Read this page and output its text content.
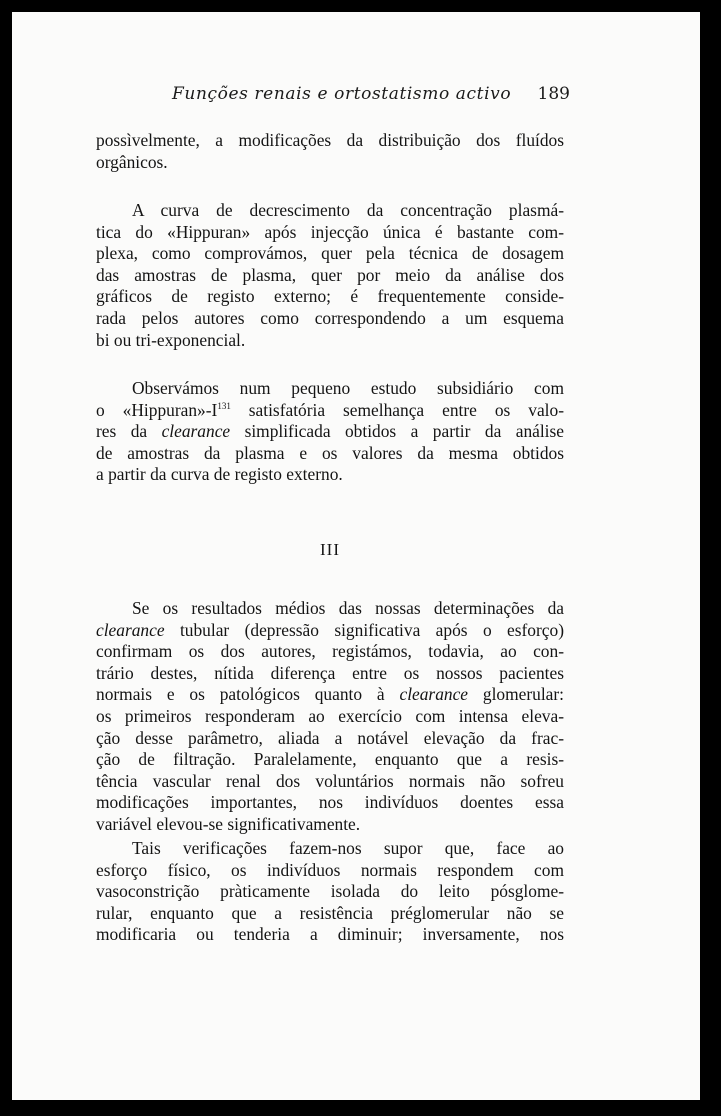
Funções renais e ortostatismo activo 189
possìvelmente, a modificações da distribuição dos fluídos
orgânicos.
A curva de decrescimento da concentração plasmá-
tica do «Hippuran» após injecção única é bastante com-
plexa, como comprovámos, quer pela técnica de dosagem
das amostras de plasma, quer por meio da análise dos
gráficos de registo externo; é frequentemente conside-
rada pelos autores como correspondendo a um esquema
bi ou tri-exponencial.
Observámos num pequeno estudo subsidiário com
o «$Hippuran»-I^{131}$ satisfatória semelhança entre os valo-
res da clearance simplificada obtidos a partir da análise
de amostras da plasma e os valores da mesma obtidos
a partir da curva de registo externo.
III
Se os resultados médios das nossas determinações da
clearance tubular (depressão significativa após o esforço)
confirmam os dos autores, registámos, todavia, ao con-
trário destes, nítida diferença entre os nossos pacientes
normais e os patológicos quanto à clearance glomerular:
os primeiros responderam ao exercício com intensa eleva-
ção desse parâmetro, aliada a notável elevação da frac-
ção de filtração. Paralelamente, enquanto que a resis-
tência vascular renal dos voluntários normais não sofreu
modificações importantes, nos indivíduos doentes essa
variável elevou-se significativamente.
Tais verificações fazem-nos supor que, face ao
esforço físico, os indivíduos normais respondem com
vasoconstrição pràticamente isolada do leito pósglome-
rular, enquanto que a resistência préglomerular não se
modificaria ou tenderia a diminuir; inversamente, nos
